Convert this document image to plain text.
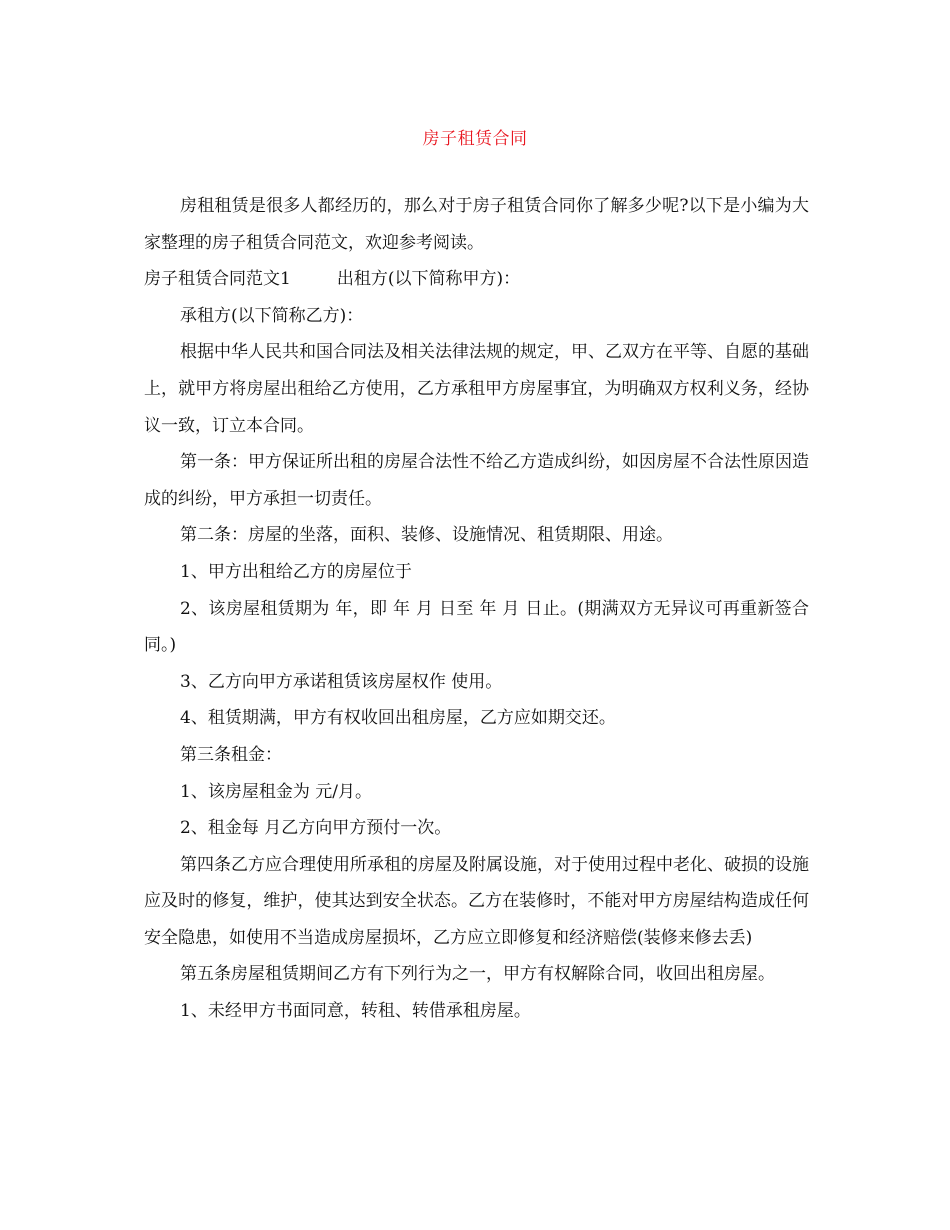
房子租赁合同

房租租赁是很多人都经历的，那么对于房子租赁合同你了解多少呢?以下是小编为大家整理的房子租赁合同范文，欢迎参考阅读。

房子租赁合同范文1	出租方(以下简称甲方)：

承租方(以下简称乙方)：

根据中华人民共和国合同法及相关法律法规的规定，甲、乙双方在平等、自愿的基础上，就甲方将房屋出租给乙方使用，乙方承租甲方房屋事宜，为明确双方权利义务，经协议一致，订立本合同。

第一条：甲方保证所出租的房屋合法性不给乙方造成纠纷，如因房屋不合法性原因造成的纠纷，甲方承担一切责任。

第二条：房屋的坐落，面积、装修、设施情况、租赁期限、用途。

1、甲方出租给乙方的房屋位于

2、该房屋租赁期为 年，即 年 月 日至 年 月 日止。(期满双方无异议可再重新签合同。)

3、乙方向甲方承诺租赁该房屋权作 使用。

4、租赁期满，甲方有权收回出租房屋，乙方应如期交还。

第三条租金：

1、该房屋租金为 元/月。

2、租金每 月乙方向甲方预付一次。

第四条乙方应合理使用所承租的房屋及附属设施，对于使用过程中老化、破损的设施应及时的修复，维护，使其达到安全状态。乙方在装修时，不能对甲方房屋结构造成任何安全隐患，如使用不当造成房屋损坏，乙方应立即修复和经济赔偿(装修来修去丢)

第五条房屋租赁期间乙方有下列行为之一，甲方有权解除合同，收回出租房屋。

1、未经甲方书面同意，转租、转借承租房屋。
